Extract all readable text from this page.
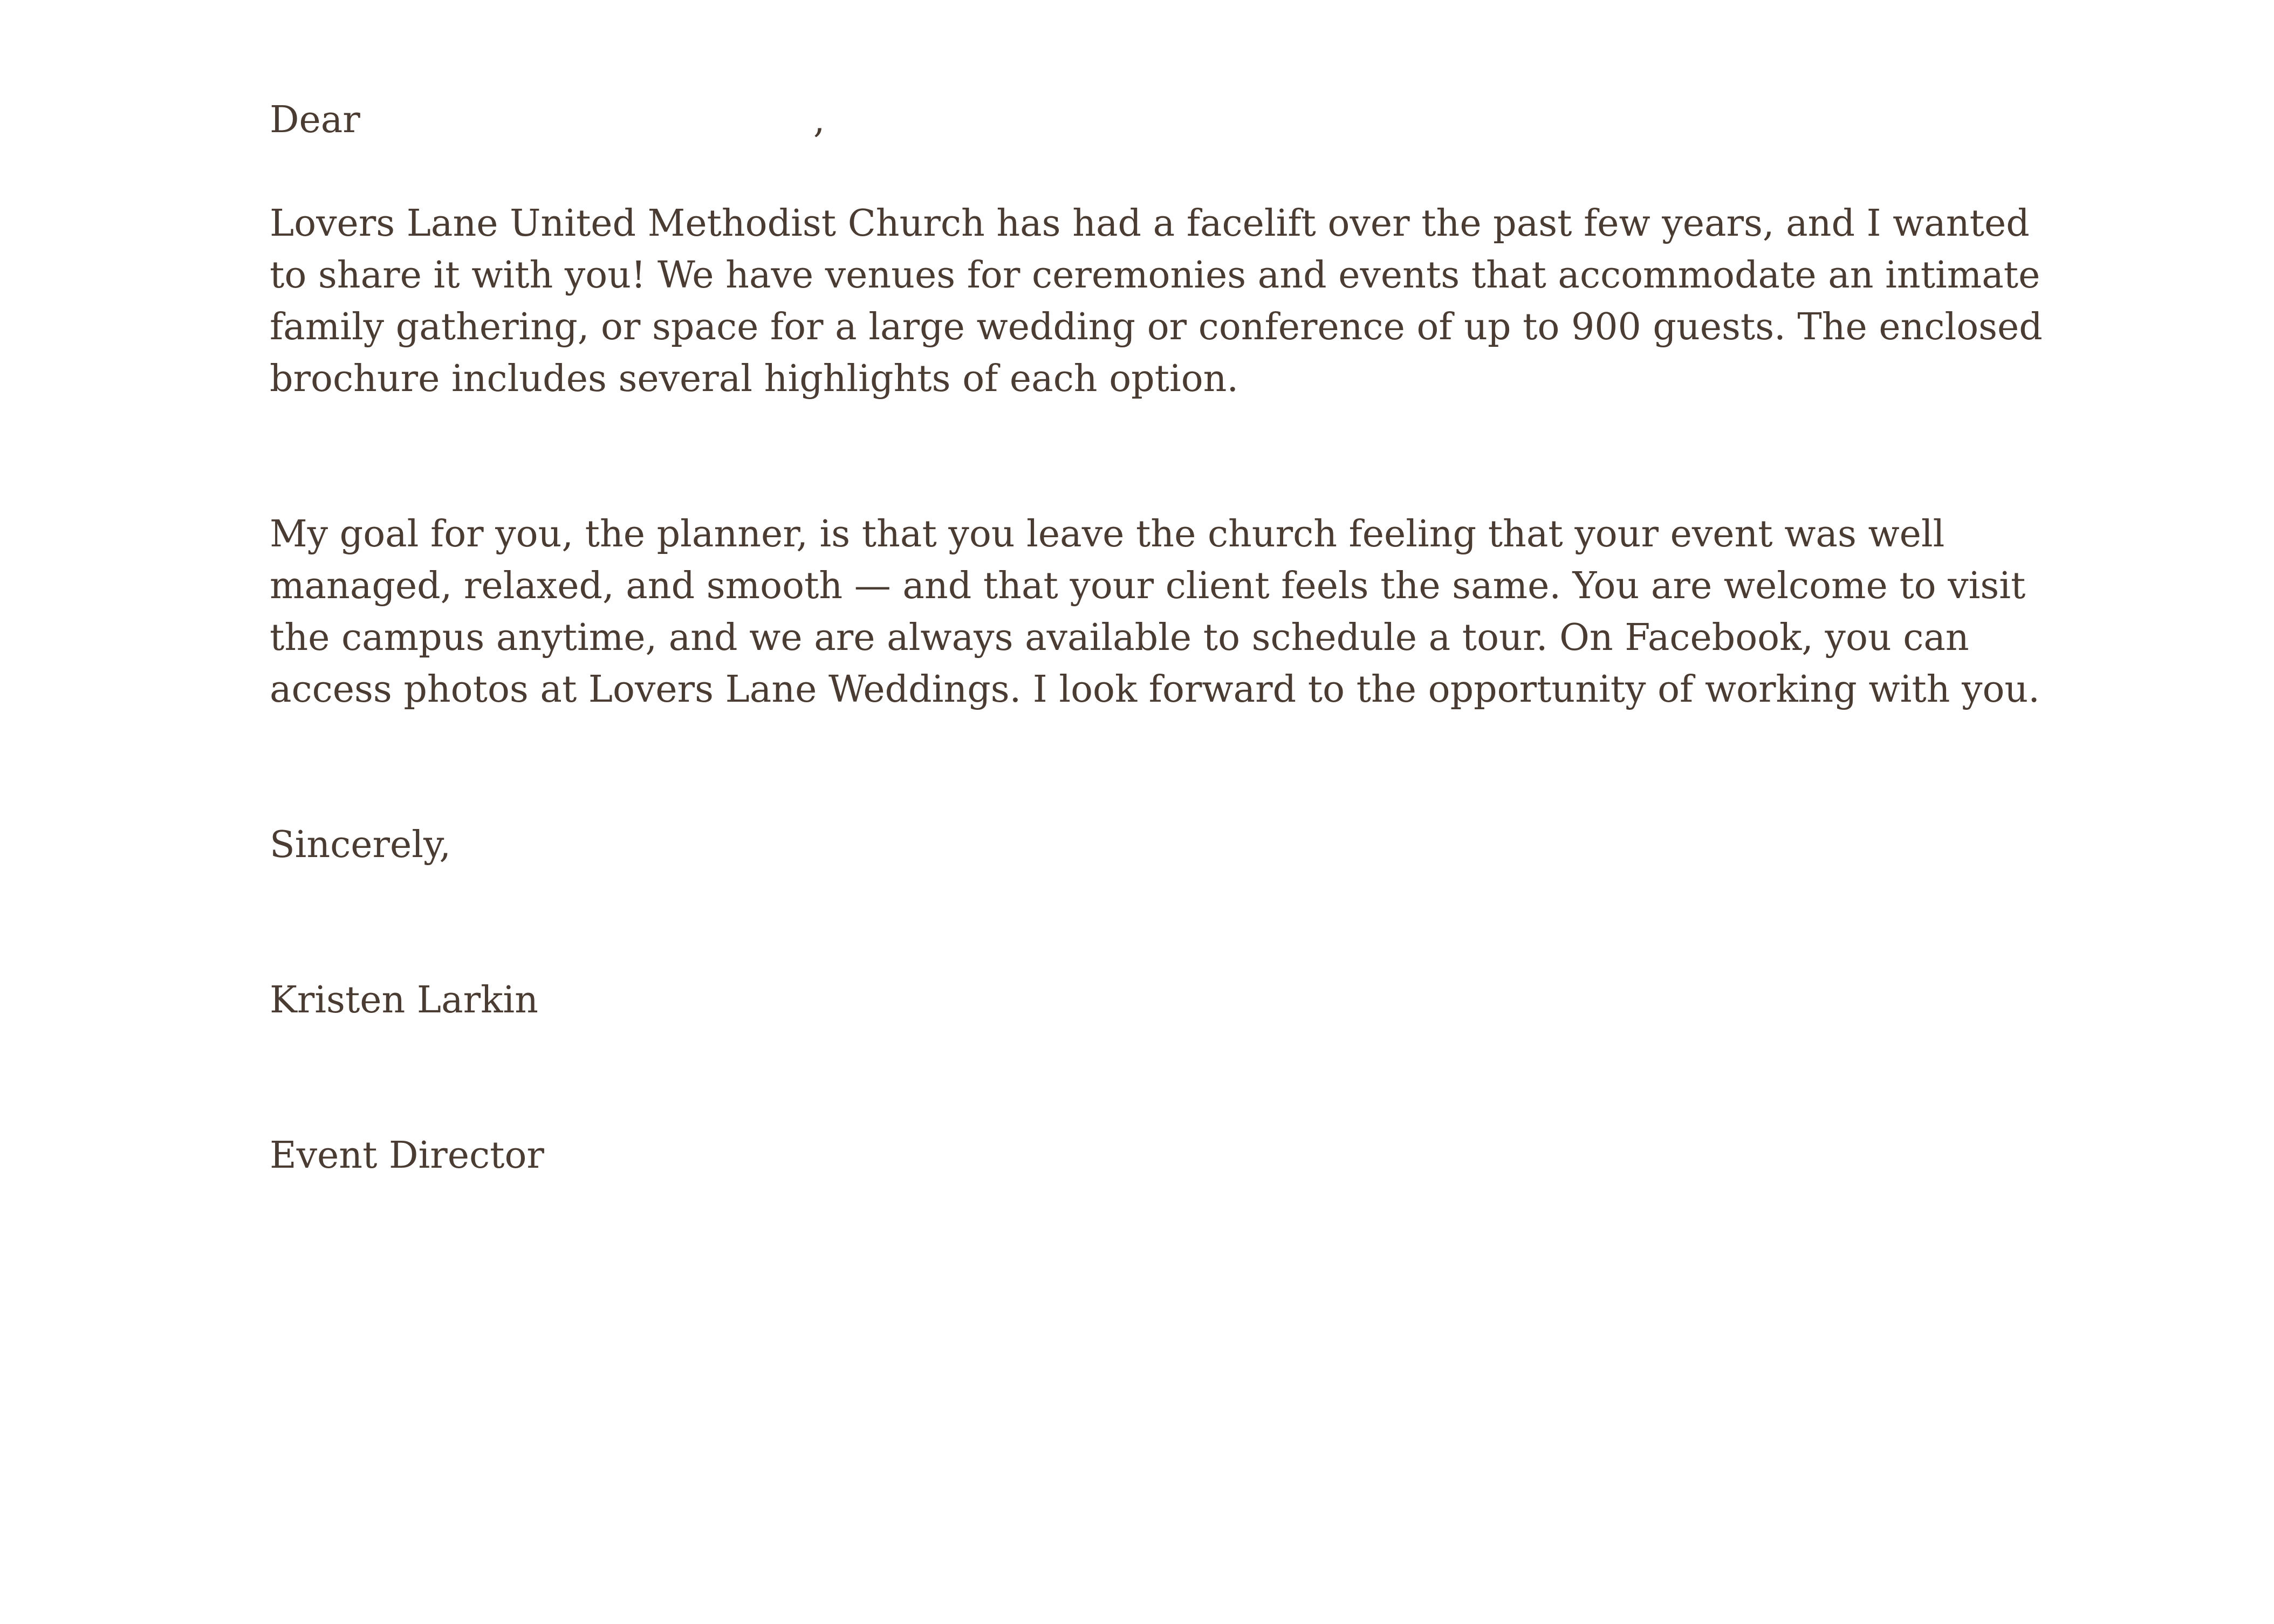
Dear	,

Lovers Lane United Methodist Church has had a facelift over the past few years, and I wanted to share it with you! We have venues for ceremonies and events that accommodate an intimate family gathering, or space for a large wedding or conference of up to 900 guests. The enclosed brochure includes several highlights of each option.

My goal for you, the planner, is that you leave the church feeling that your event was well managed, relaxed, and smooth — and that your client feels the same. You are welcome to visit the campus anytime, and we are always available to schedule a tour. On Facebook, you can access photos at Lovers Lane Weddings. I look forward to the opportunity of working with you.

Sincerely,

Kristen Larkin

Event Director
